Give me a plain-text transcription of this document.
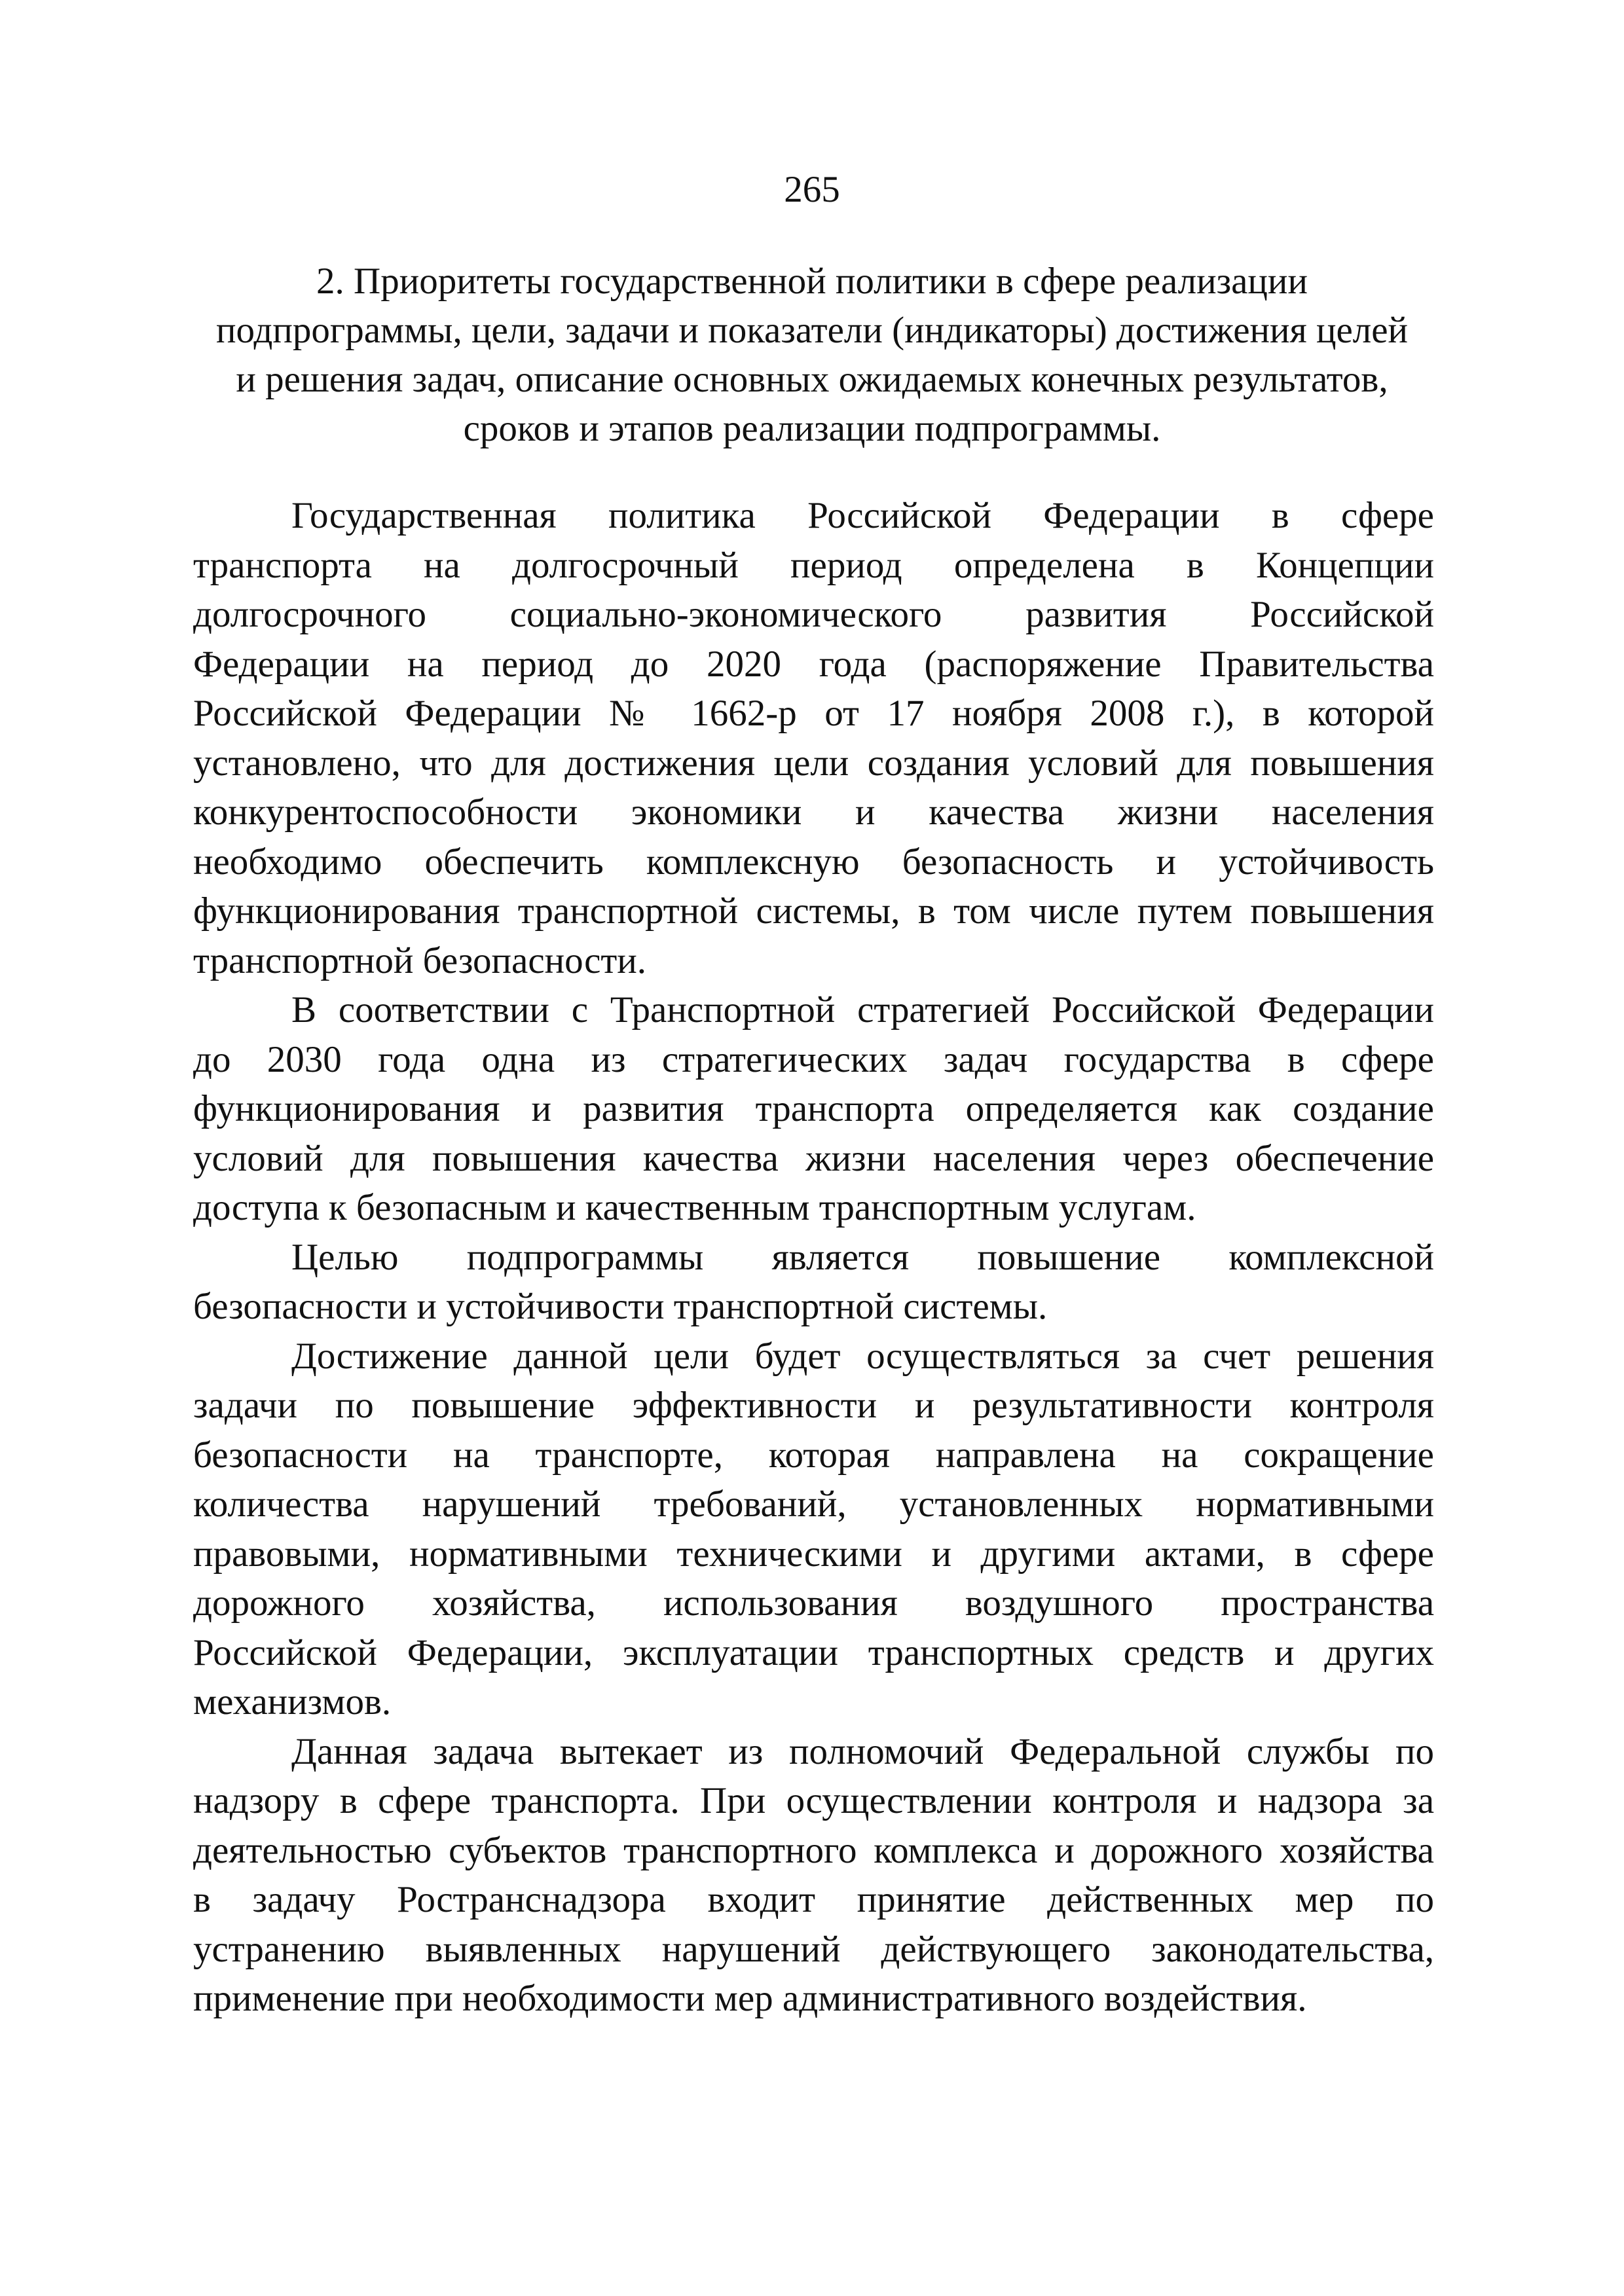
265
2. Приоритеты государственной политики в сфере реализации
подпрограммы, цели, задачи и показатели (индикаторы) достижения целей
и решения задач, описание основных ожидаемых конечных результатов,
сроков и этапов реализации подпрограммы.
Государственная политика Российской Федерации в сфере
транспорта на долгосрочный период определена в Концепции
долгосрочного социально-экономического развития Российской
Федерации на период до 2020 года (распоряжение Правительства
Российской Федерации № 1662-р от 17 ноября 2008 г.), в которой
установлено, что для достижения цели создания условий для повышения
конкурентоспособности экономики и качества жизни населения
необходимо обеспечить комплексную безопасность и устойчивость
функционирования транспортной системы, в том числе путем повышения
транспортной безопасности.
В соответствии с Транспортной стратегией Российской Федерации
до 2030 года одна из стратегических задач государства в сфере
функционирования и развития транспорта определяется как создание
условий для повышения качества жизни населения через обеспечение
доступа к безопасным и качественным транспортным услугам.
Целью подпрограммы является повышение комплексной
безопасности и устойчивости транспортной системы.
Достижение данной цели будет осуществляться за счет решения
задачи по повышение эффективности и результативности контроля
безопасности на транспорте, которая направлена на сокращение
количества нарушений требований, установленных нормативными
правовыми, нормативными техническими и другими актами, в сфере
дорожного хозяйства, использования воздушного пространства
Российской Федерации, эксплуатации транспортных средств и других
механизмов.
Данная задача вытекает из полномочий Федеральной службы по
надзору в сфере транспорта. При осуществлении контроля и надзора за
деятельностью субъектов транспортного комплекса и дорожного хозяйства
в задачу Ространснадзора входит принятие действенных мер по
устранению выявленных нарушений действующего законодательства,
применение при необходимости мер административного воздействия.
